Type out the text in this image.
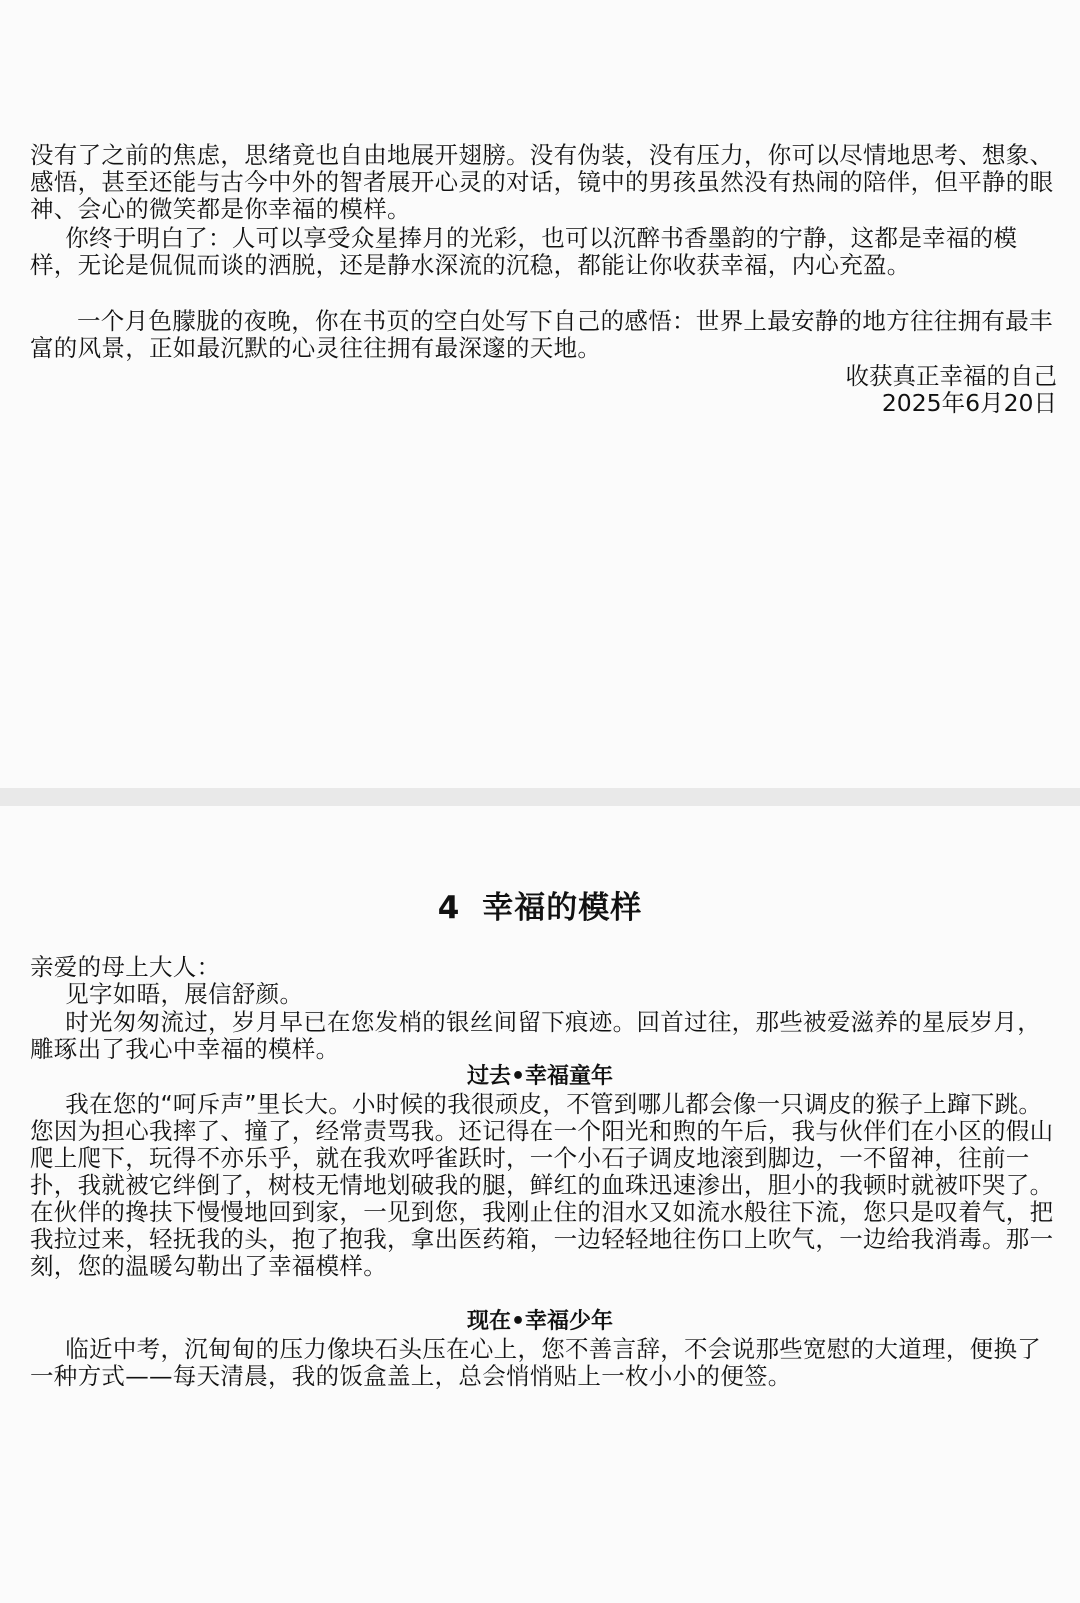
没有了之前的焦虑，思绪竟也自由地展开翅膀。没有伪装，没有压力，你可以尽情地思考、想象、感悟，甚至还能与古今中外的智者展开心灵的对话，镜中的男孩虽然没有热闹的陪伴，但平静的眼神、会心的微笑都是你幸福的模样。

你终于明白了：人可以享受众星捧月的光彩，也可以沉醉书香墨韵的宁静，这都是幸福的模样，无论是侃侃而谈的洒脱，还是静水深流的沉稳，都能让你收获幸福，内心充盈。

一个月色朦胧的夜晚，你在书页的空白处写下自己的感悟：世界上最安静的地方往往拥有最丰富的风景，正如最沉默的心灵往往拥有最深邃的天地。

收获真正幸福的自己

2025年6月20日

4 幸福的模样

亲爱的母上大人：

见字如晤，展信舒颜。

时光匆匆流过，岁月早已在您发梢的银丝间留下痕迹。回首过往，那些被爱滋养的星辰岁月，雕琢出了我心中幸福的模样。

过去•幸福童年

我在您的“呵斥声”里长大。小时候的我很顽皮，不管到哪儿都会像一只调皮的猴子上蹿下跳。您因为担心我摔了、撞了，经常责骂我。还记得在一个阳光和煦的午后，我与伙伴们在小区的假山爬上爬下，玩得不亦乐乎，就在我欢呼雀跃时，一个小石子调皮地滚到脚边，一不留神，往前一扑，我就被它绊倒了，树枝无情地划破我的腿，鲜红的血珠迅速渗出，胆小的我顿时就被吓哭了。在伙伴的搀扶下慢慢地回到家，一见到您，我刚止住的泪水又如流水般往下流，您只是叹着气，把我拉过来，轻抚我的头，抱了抱我，拿出医药箱，一边轻轻地往伤口上吹气，一边给我消毒。那一刻，您的温暖勾勒出了幸福模样。

现在•幸福少年

临近中考，沉甸甸的压力像块石头压在心上，您不善言辞，不会说那些宽慰的大道理，便换了一种方式——每天清晨，我的饭盒盖上，总会悄悄贴上一枚小小的便签。
